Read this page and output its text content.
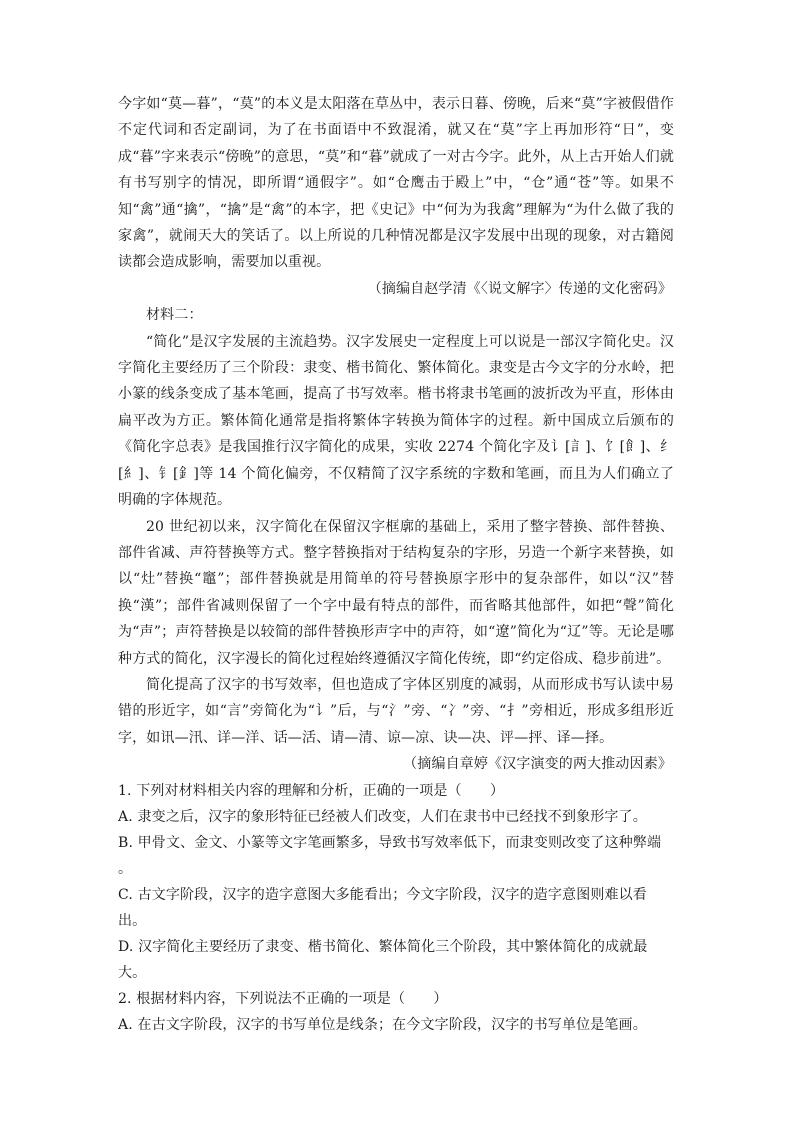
今字如“莫—暮”，“莫”的本义是太阳落在草丛中，表示日暮、傍晚，后来“莫”字被假借作不定代词和否定副词，为了在书面语中不致混淆，就又在“莫”字上再加形符“日”，变成“暮”字来表示“傍晚”的意思，“莫”和“暮”就成了一对古今字。此外，从上古开始人们就有书写别字的情况，即所谓“通假字”。如“仓鹰击于殿上”中，“仓”通“苍”等。如果不知“禽”通“擒”，“擒”是“禽”的本字，把《史记》中“何为为我禽”理解为“为什么做了我的家禽”，就闹天大的笑话了。以上所说的几种情况都是汉字发展中出现的现象，对古籍阅读都会造成影响，需要加以重视。

（摘编自赵学清《〈说文解字〉传递的文化密码》

材料二：

“简化”是汉字发展的主流趋势。汉字发展史一定程度上可以说是一部汉字简化史。汉字简化主要经历了三个阶段：隶变、楷书简化、繁体简化。隶变是古今文字的分水岭，把小篆的线条变成了基本笔画，提高了书写效率。楷书将隶书笔画的波折改为平直，形体由扁平改为方正。繁体简化通常是指将繁体字转换为简体字的过程。新中国成立后颁布的《简化字总表》是我国推行汉字简化的成果，实收 2274 个简化字及讠[訁]、饣[飠]、纟[糹]、钅[釒]等 14 个简化偏旁，不仅精简了汉字系统的字数和笔画，而且为人们确立了明确的字体规范。

20 世纪初以来，汉字简化在保留汉字框廓的基础上，采用了整字替换、部件替换、部件省减、声符替换等方式。整字替换指对于结构复杂的字形，另造一个新字来替换，如以“灶”替换“竈”；部件替换就是用简单的符号替换原字形中的复杂部件，如以“汉”替换“漢”；部件省减则保留了一个字中最有特点的部件，而省略其他部件，如把“聲”简化为“声”；声符替换是以较简的部件替换形声字中的声符，如“遼”简化为“辽”等。无论是哪种方式的简化，汉字漫长的简化过程始终遵循汉字简化传统，即“约定俗成、稳步前进”。

简化提高了汉字的书写效率，但也造成了字体区别度的减弱，从而形成书写认读中易错的形近字，如“言”旁简化为“讠”后，与“氵”旁、“冫”旁、“扌”旁相近，形成多组形近字，如讯—汛、详—洋、话—活、请—清、谅—凉、诀—决、评—抨、译—择。

（摘编自章婷《汉字演变的两大推动因素》

1. 下列对材料相关内容的理解和分析，正确的一项是（　　）

A. 隶变之后，汉字的象形特征已经被人们改变，人们在隶书中已经找不到象形字了。

B. 甲骨文、金文、小篆等文字笔画繁多，导致书写效率低下，而隶变则改变了这种弊端 。

C. 古文字阶段，汉字的造字意图大多能看出；今文字阶段，汉字的造字意图则难以看出。

D. 汉字简化主要经历了隶变、楷书简化、繁体简化三个阶段，其中繁体简化的成就最大。

2. 根据材料内容，下列说法不正确的一项是（　　）

A. 在古文字阶段，汉字的书写单位是线条；在今文字阶段，汉字的书写单位是笔画。
